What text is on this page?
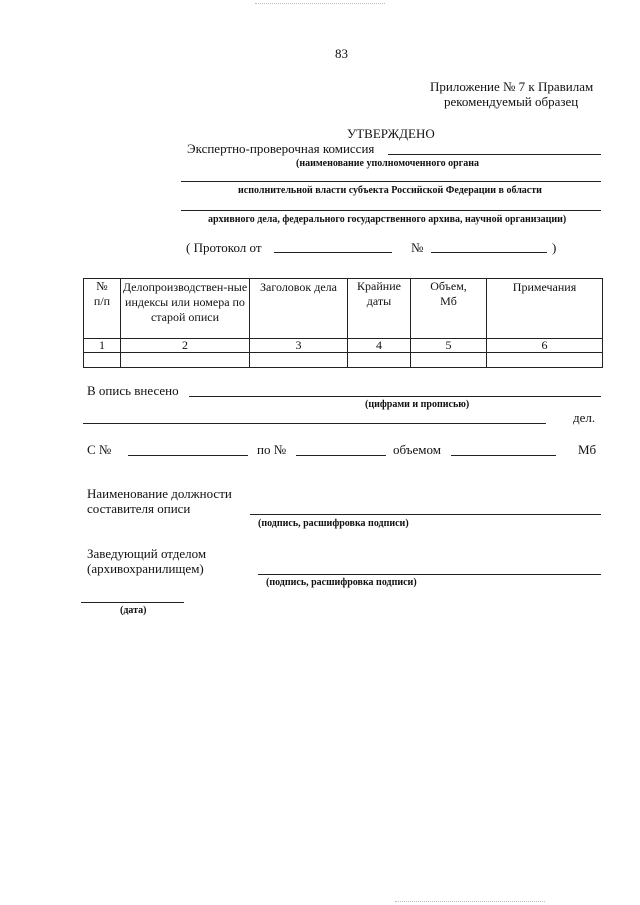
83
Приложение № 7 к Правилам
рекомендуемый образец
УТВЕРЖДЕНО
Экспертно-проверочная комиссия
(наименование уполномоченного органа
исполнительной власти субъекта Российской Федерации в области
архивного дела, федерального государственного архива, научной организации)
( Протокол от	№	)
№ п/п	Делопроизводствен-ные индексы или номера по старой описи	Заголовок дела	Крайние даты	Объем, Мб	Примечания
1	2	3	4	5	6

В опись внесено
(цифрами и прописью)
дел.
С №	по №	объемом	Мб
Наименование должности
составителя описи
(подпись, расшифровка подписи)
Заведующий отделом
(архивохранилищем)
(подпись, расшифровка подписи)
(дата)
